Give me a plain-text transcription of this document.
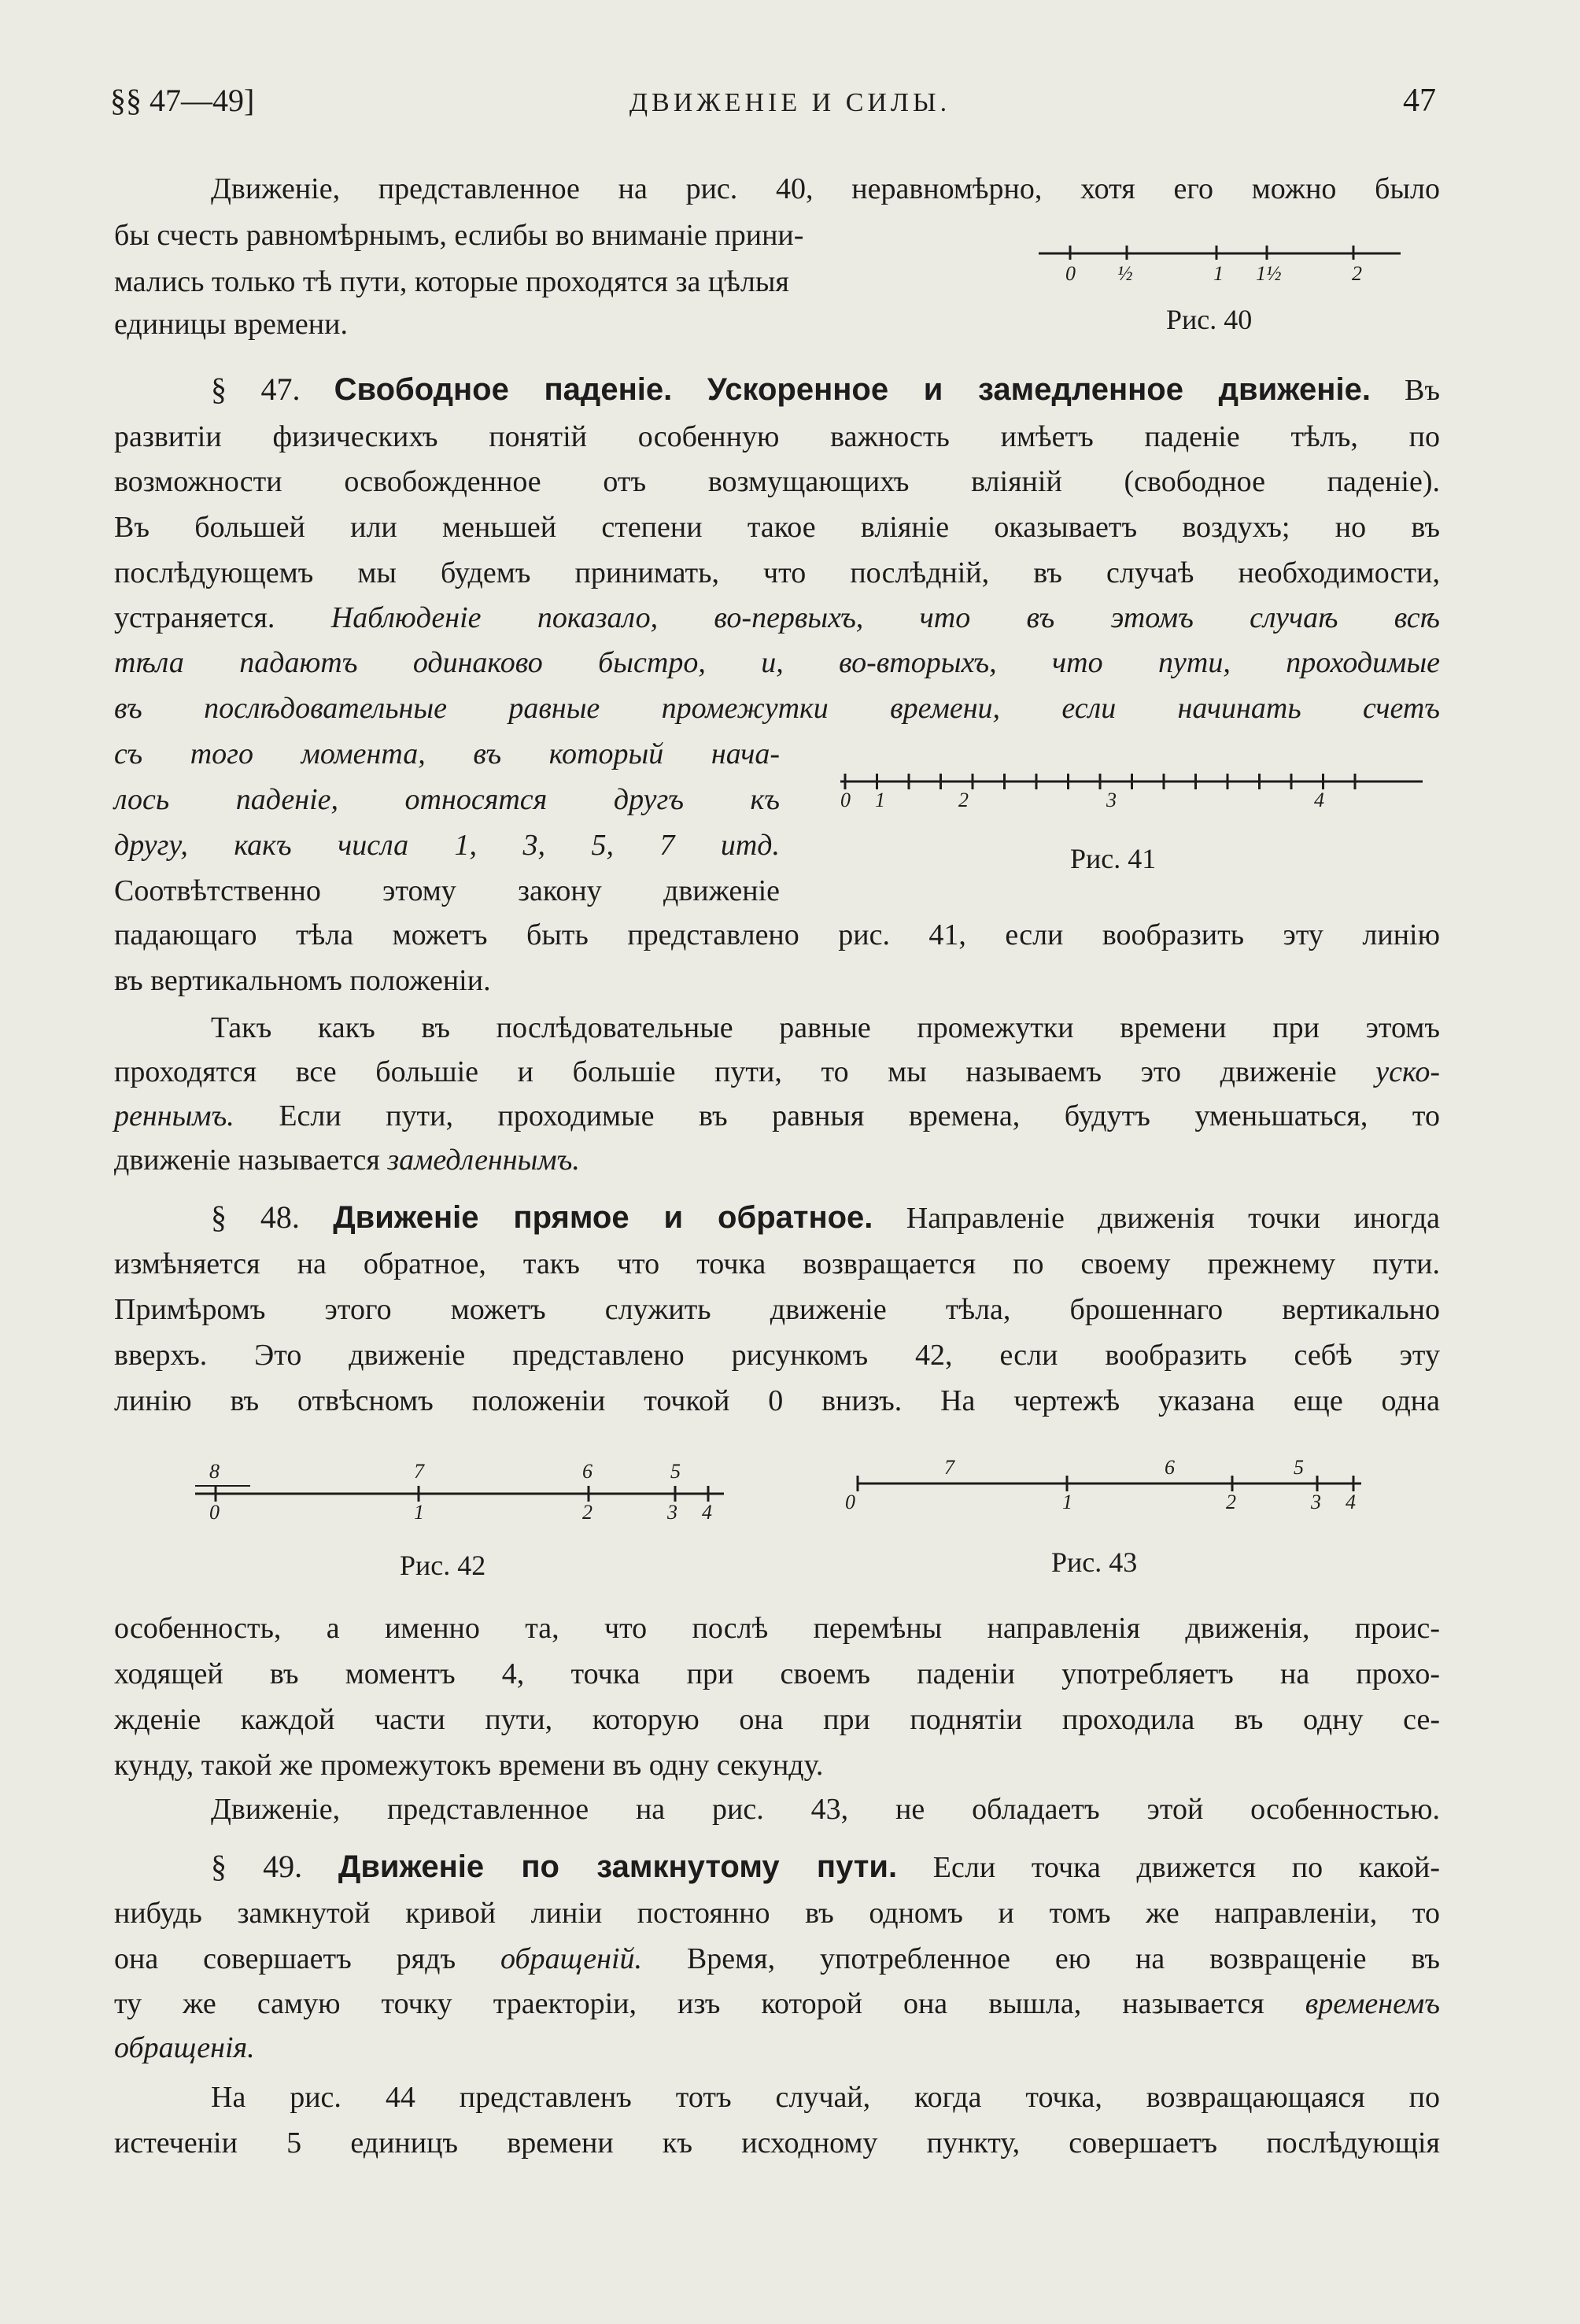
§§ 47—49]	ДВИЖЕНІЕ И СИЛЫ.	47
Движеніе, представленное на рис. 40, неравномѣрно, хотя его можно было
бы счесть равномѣрнымъ, еслибы во вниманіе прини-
мались только тѣ пути, которые проходятся за цѣлыя
единицы времени.
0 ½	1 1½	2
Рис. 40
§ 47. Свободное паденіе. Ускоренное и замедленное движеніе. Въ
развитіи физическихъ понятій особенную важность имѣетъ паденіе тѣлъ, по
возможности освобожденное отъ возмущающихъ вліяній (свободное паденіе).
Въ большей или меньшей степени такое вліяніе оказываетъ воздухъ; но въ
послѣдующемъ мы будемъ принимать, что послѣдній, въ случаѣ необходимости,
устраняется. Наблюденіе показало, во-первыхъ, что въ этомъ случаѣ всѣ
тѣла падаютъ одинаково быстро, и, во-вторыхъ, что пути, проходимые
въ послѣдовательные равные промежутки времени, если начинать счетъ
съ того момента, въ который нача-
лось паденіе, относятся другъ къ
другу, какъ числа 1, 3, 5, 7 итд.
Соотвѣтственно этому закону движеніе
падающаго тѣла можетъ быть представлено рис. 41, если вообразить эту линію
въ вертикальномъ положеніи.
0 1	2	3	4
Рис. 41
Такъ какъ въ послѣдовательные равные промежутки времени при этомъ
проходятся все большіе и большіе пути, то мы называемъ это движеніе уско-
реннымъ. Если пути, проходимые въ равныя времена, будутъ уменьшаться, то
движеніе называется замедленнымъ.
§ 48. Движеніе прямое и обратное. Направленіе движенія точки иногда
измѣняется на обратное, такъ что точка возвращается по своему прежнему пути.
Примѣромъ этого можетъ служить движеніе тѣла, брошеннаго вертикально
вверхъ. Это движеніе представлено рисункомъ 42, если вообразить себѣ эту
линію въ отвѣсномъ положеніи точкой 0 внизъ. На чертежѣ указана еще одна
8	7	6	5
0	1	2	3 4
Рис. 42
7	6	5
0	1	2	3 4
Рис. 43
особенность, а именно та, что послѣ перемѣны направленія движенія, проис-
ходящей въ моментъ 4, точка при своемъ паденіи употребляетъ на прохо-
жденіе каждой части пути, которую она при поднятіи проходила въ одну се-
кунду, такой же промежутокъ времени въ одну секунду.
Движеніе, представленное на рис. 43, не обладаетъ этой особенностью.
§ 49. Движеніе по замкнутому пути. Если точка движется по какой-
нибудь замкнутой кривой линіи постоянно въ одномъ и томъ же направленіи, то
она совершаетъ рядъ обращеній. Время, употребленное ею на возвращеніе въ
ту же самую точку траекторіи, изъ которой она вышла, называется временемъ
обращенія.
На рис. 44 представленъ тотъ случай, когда точка, возвращающаяся по
истеченіи 5 единицъ времени къ исходному пункту, совершаетъ послѣдующія
